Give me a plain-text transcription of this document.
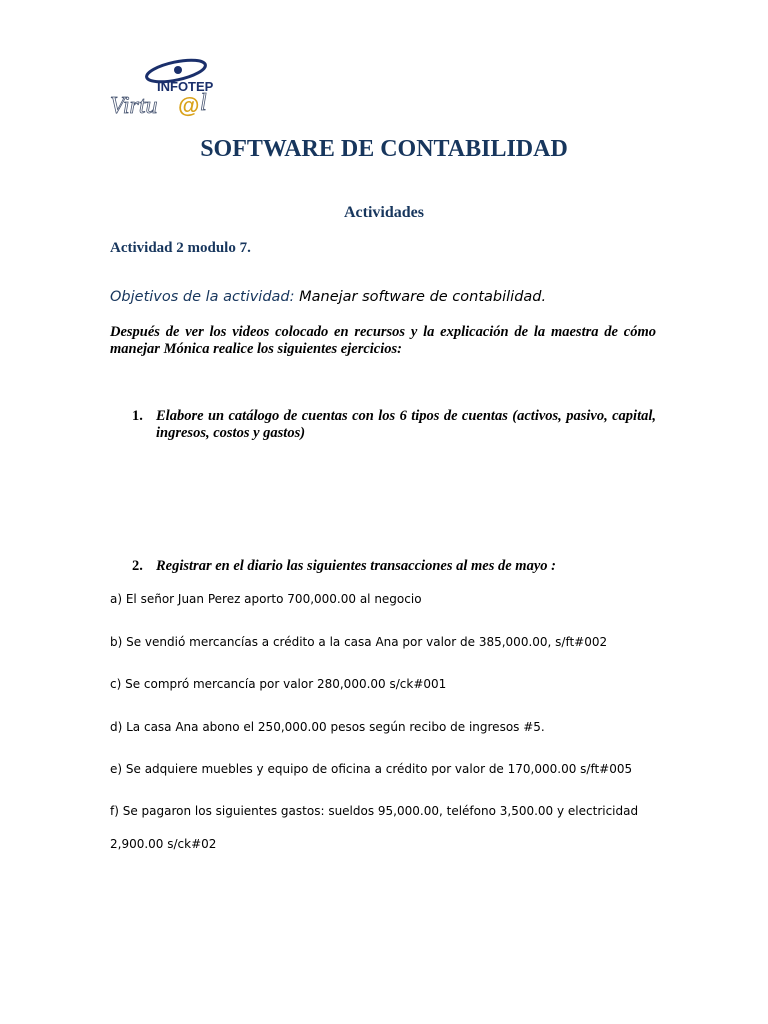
INFOTEP
Virtu @ l
SOFTWARE DE CONTABILIDAD
Actividades
Actividad 2 modulo 7.
Objetivos de la actividad: Manejar software de contabilidad.

Después de ver los videos colocado en recursos y la explicación de la maestra de cómo manejar Mónica realice los siguientes ejercicios:

1. Elabore un catálogo de cuentas con los 6 tipos de cuentas (activos, pasivo, capital, ingresos, costos y gastos)
2. Registrar en el diario las siguientes transacciones al mes de mayo :
a) El señor Juan Perez aporto 700,000.00 al negocio
b) Se vendió mercancías a crédito a la casa Ana por valor de 385,000.00, s/ft#002
c) Se compró mercancía por valor 280,000.00 s/ck#001
d) La casa Ana abono el 250,000.00 pesos según recibo de ingresos #5.
e) Se adquiere muebles y equipo de oficina a crédito por valor de 170,000.00 s/ft#005
f) Se pagaron los siguientes gastos: sueldos 95,000.00, teléfono 3,500.00 y electricidad
2,900.00 s/ck#02
